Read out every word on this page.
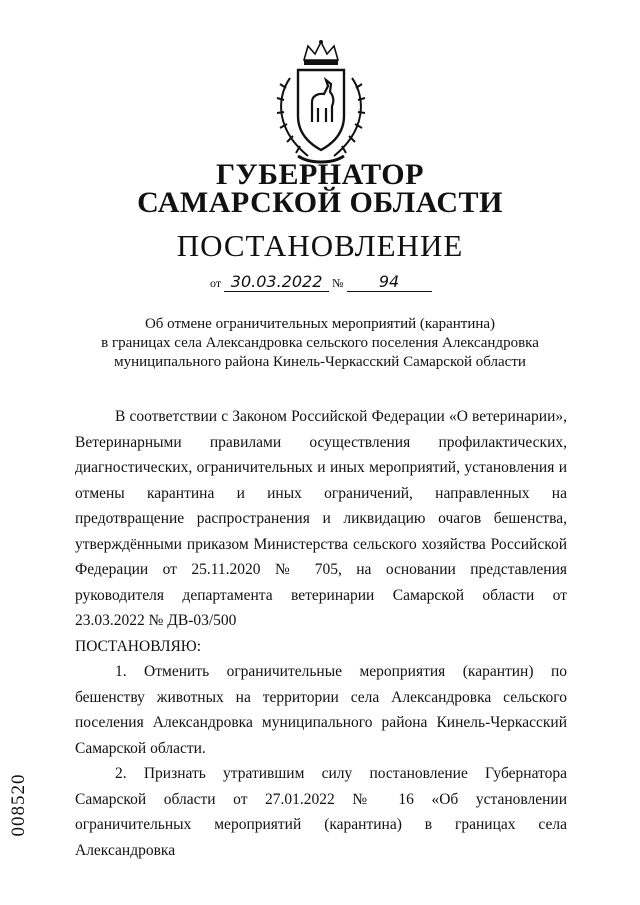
ГУБЕРНАТОР
САМАРСКОЙ ОБЛАСТИ
ПОСТАНОВЛЕНИЕ
от 30.03.2022 № 94
Об отмене ограничительных мероприятий (карантина)
в границах села Александровка сельского поселения Александровка
муниципального района Кинель-Черкасский Самарской области

В соответствии с Законом Российской Федерации «О ветеринарии», Ветеринарными правилами осуществления профилактических, диагностических, ограничительных и иных мероприятий, установления и отмены карантина и иных ограничений, направленных на предотвращение распространения и ликвидацию очагов бешенства, утверждёнными приказом Министерства сельского хозяйства Российской Федерации от 25.11.2020 № 705, на основании представления руководителя департамента ветеринарии Самарской области от 23.03.2022 № ДВ-03/500

ПОСТАНОВЛЯЮ:

1. Отменить ограничительные мероприятия (карантин) по бешенству животных на территории села Александровка сельского поселения Александровка муниципального района Кинель-Черкасский Самарской области.

2. Признать утратившим силу постановление Губернатора Самарской области от 27.01.2022 № 16 «Об установлении ограничительных мероприятий (карантина) в границах села Александровка

008520
